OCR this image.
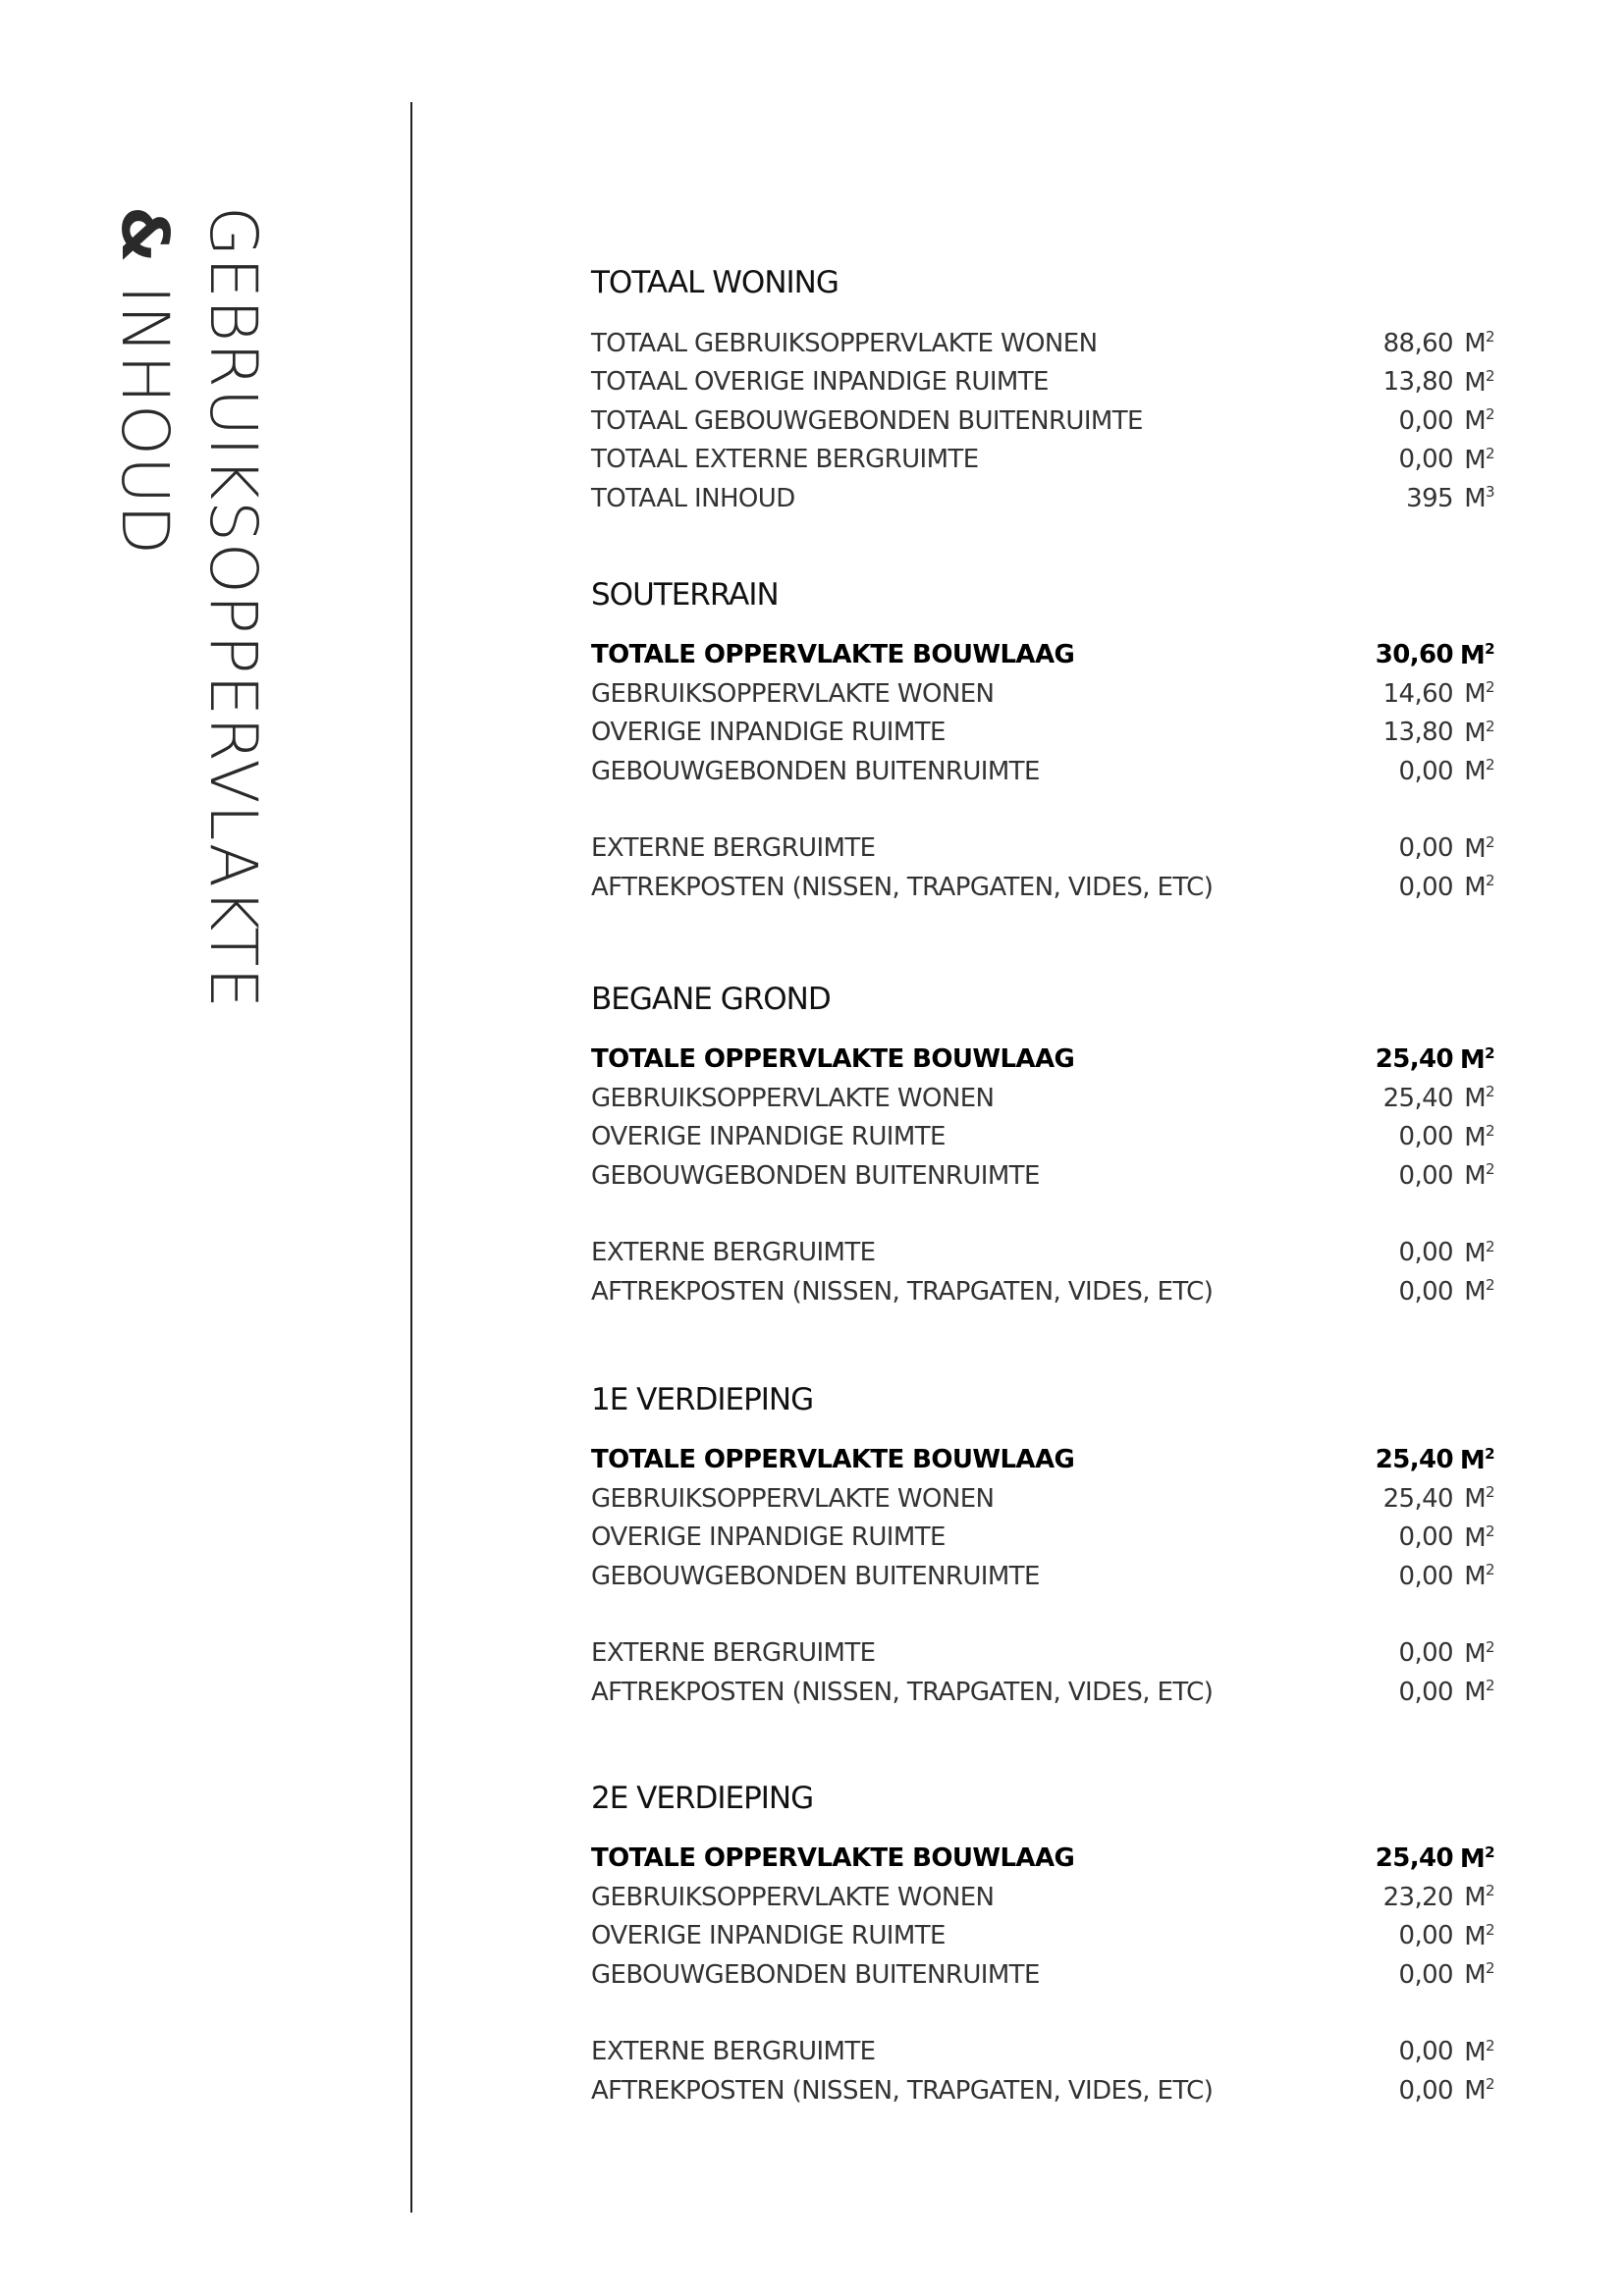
GEBRUIKSOPPERVLAKTE
& INHOUD	TOTAAL WONING
TOTAAL GEBRUIKSOPPERVLAKTE WONEN	88,60 $M^2$
TOTAAL OVERIGE INPANDIGE RUIMTE	13,80 $M^2$
TOTAAL GEBOUWGEBONDEN BUITENRUIMTE	0,00 $M^2$
TOTAAL EXTERNE BERGRUIMTE	0,00 $M^2$
TOTAAL INHOUD	395 $M^3$
SOUTERRAIN
TOTALE OPPERVLAKTE BOUWLAAG	30,60 $M^2$
GEBRUIKSOPPERVLAKTE WONEN	14,60 $M^2$
OVERIGE INPANDIGE RUIMTE	13,80 $M^2$
GEBOUWGEBONDEN BUITENRUIMTE	0,00 $M^2$
EXTERNE BERGRUIMTE	0,00 $M^2$
AFTREKPOSTEN (NISSEN, TRAPGATEN, VIDES, ETC)	0,00 $M^2$
BEGANE GROND
TOTALE OPPERVLAKTE BOUWLAAG	25,40 $M^2$
GEBRUIKSOPPERVLAKTE WONEN	25,40 $M^2$
OVERIGE INPANDIGE RUIMTE	0,00 $M^2$
GEBOUWGEBONDEN BUITENRUIMTE	0,00 $M^2$
EXTERNE BERGRUIMTE	0,00 $M^2$
AFTREKPOSTEN (NISSEN, TRAPGATEN, VIDES, ETC)	0,00 $M^2$
1E VERDIEPING
TOTALE OPPERVLAKTE BOUWLAAG	25,40 $M^2$
GEBRUIKSOPPERVLAKTE WONEN	25,40 $M^2$
OVERIGE INPANDIGE RUIMTE	0,00 $M^2$
GEBOUWGEBONDEN BUITENRUIMTE	0,00 $M^2$
EXTERNE BERGRUIMTE	0,00 $M^2$
AFTREKPOSTEN (NISSEN, TRAPGATEN, VIDES, ETC)	0,00 $M^2$
2E VERDIEPING
TOTALE OPPERVLAKTE BOUWLAAG	25,40 $M^2$
GEBRUIKSOPPERVLAKTE WONEN	23,20 $M^2$
OVERIGE INPANDIGE RUIMTE	0,00 $M^2$
GEBOUWGEBONDEN BUITENRUIMTE	0,00 $M^2$
EXTERNE BERGRUIMTE	0,00 $M^2$
AFTREKPOSTEN (NISSEN, TRAPGATEN, VIDES, ETC)	0,00 $M^2$
